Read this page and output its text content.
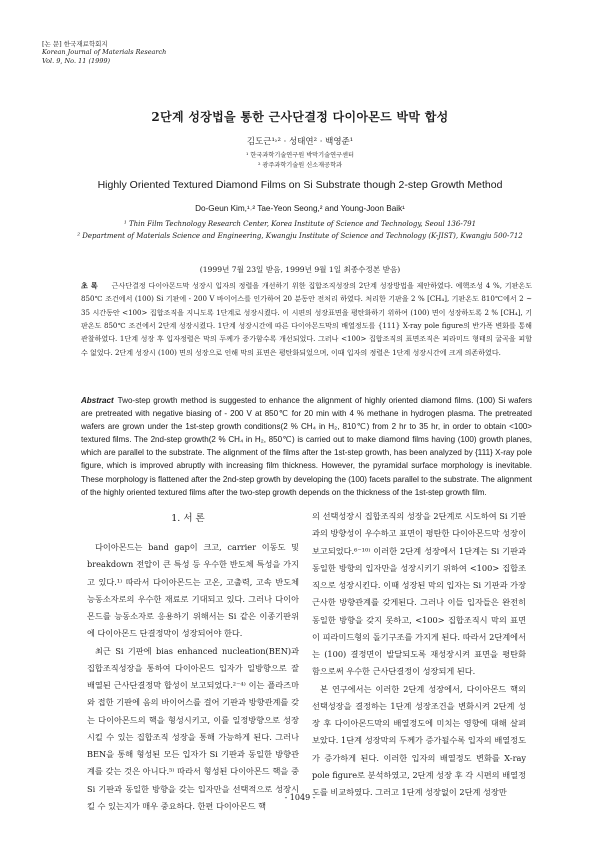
[논 문] 한국재료학회지
Korean Journal of Materials Research
Vol. 9, No. 11 (1999)
2단계 성장법을 통한 근사단결정 다이아몬드 박막 합성
김도근¹˒² · 성태연² · 백영준¹
¹ 한국과학기술연구원 박막기술연구센터
² 광주과학기술원 신소재공학과
Highly Oriented Textured Diamond Films on Si Substrate though 2-step Growth Method
Do-Geun Kim,¹˒² Tae-Yeon Seong,² and Young-Joon Baik¹
¹ Thin Film Technology Research Center, Korea Institute of Science and Technology, Seoul 136-791
² Department of Materials Science and Engineering, Kwangju Institute of Science and Technology (K-JIST), Kwangju 500-712
(1999년 7월 23일 받음, 1999년 9월 1일 최종수정본 받음)
초 록 근사단결정 다이아몬드막 성장시 입자의 정렬을 개선하기 위한 집합조직성장의 2단계 성장방법을 제안하였다. 예핵조성 4 %, 기판온도 850℃ 조건에서 (100) Si 기판에 - 200 V 바이어스를 인가하여 20 분동안 전처리 하였다. 처리한 기판을 2 % [CH₄], 기판온도 810℃에서 2 ~ 35 시간동안 <100> 집합조직을 지니도록 1단계로 성장시켰다. 이 시편의 성장표면을 평탄화하기 위하여 (100) 면이 성장하도록 2 % [CH₄], 기판온도 850℃ 조건에서 2단계 성장시켰다. 1단계 성장시간에 따른 다이아몬드막의 배열정도를 {111} X-ray pole figure의 반가폭 변화를 통해 관찰하였다. 1단계 성장 후 입자정렬은 막의 두께가 증가함수록 개선되었다. 그러나 <100> 집합조직의 표면조직은 피라미드 형태의 굴곡을 피할 수 없었다. 2단계 성장시 (100) 면의 성장으로 인해 막의 표면은 평탄화되었으며, 이때 입자의 정렬은 1단계 성장시간에 크게 의존하였다.
Abstract Two-step growth method is suggested to enhance the alignment of highly oriented diamond films. (100) Si wafers are pretreated with negative biasing of - 200 V at 850℃ for 20 min with 4 % methane in hydrogen plasma. The pretreated wafers are grown under the 1st-step growth conditions(2 % CH₄ in H₂, 810℃) from 2 hr to 35 hr, in order to obtain <100> textured films. The 2nd-step growth(2 % CH₄ in H₂, 850℃) is carried out to make diamond films having (100) growth planes, which are parallel to the substrate. The alignment of the films after the 1st-step growth, has been analyzed by {111} X-ray pole figure, which is improved abruptly with increasing film thickness. However, the pyramidal surface morphology is inevitable. These morphology is flattened after the 2nd-step growth by developing the (100) facets parallel to the substrate. The alignment of the highly oriented textured films after the two-step growth depends on the thickness of the 1st-step growth film.
1. 서 론

다이아몬드는 band gap이 크고, carrier 이동도 및 breakdown 전압이 큰 특성 등 우수한 반도체 특성을 가지고 있다.¹⁾ 따라서 다이아몬드는 고온, 고출력, 고속 반도체 능동소자로의 우수한 재료로 기대되고 있다. 그러나 다이아몬드를 능동소자로 응용하기 위해서는 Si 같은 이종기판위에 다이아몬드 단결정막이 성장되어야 한다.

최근 Si 기판에 bias enhanced nucleation(BEN)과 집합조직성장을 통하여 다이아몬드 입자가 일방향으로 잘 배열된 근사단결정막 합성이 보고되었다.²⁻⁴⁾ 이는 플라즈마와 접한 기판에 음의 바이어스를 걸어 기판과 방향관계를 갖는 다이아몬드의 핵을 형성시키고, 이를 일정방향으로 성장시킬 수 있는 집합조직 성장을 통해 가능하게 된다. 그러나 BEN을 통해 형성된 모든 입자가 Si 기판과 동일한 방향관계를 갖는 것은 아니다.⁵⁾ 따라서 형성된 다이아몬드 핵을 중 Si 기판과 동일한 방향을 갖는 입자만을 선택적으로 성장시킬 수 있는지가 매우 중요하다. 한편 다이아몬드 핵

의 선택성장시 집합조직의 성장을 2단계로 시도하여 Si 기판과의 방향성이 우수하고 표면이 평탄한 다이아몬드막 성장이 보고되었다.⁶⁻¹⁰⁾ 이러한 2단계 성장에서 1단계는 Si 기판과 동일한 방향의 입자만을 성장시키기 위하여 <100> 집합조직으로 성장시킨다. 이때 성장된 막의 입자는 Si 기판과 가장 근사한 방향관계를 갖게된다. 그러나 이들 입자들은 완전히 동일한 방향을 갖지 못하고, <100> 집합조직시 막의 표면이 피라미드형의 돌기구조를 가지게 된다. 따라서 2단계에서는 (100) 결정면이 발달되도록 재성장시켜 표면을 평탄화 함으로써 우수한 근사단결정이 성장되게 된다.

본 연구에서는 이러한 2단계 성장에서, 다이아몬드 핵의 선택성장을 결정하는 1단계 성장조건을 변화시켜 2단계 성장 후 다이아몬드막의 배열정도에 미치는 영향에 대해 살펴보았다. 1단계 성장막의 두께가 증가될수록 입자의 배열정도가 증가하게 된다. 이러한 입자의 배열정도 변화를 X-ray pole figure로 분석하였고, 2단계 성장 후 각 시편의 배열정도를 비교하였다. 그러고 1단계 성장없이 2단계 성장만

- 1049 -
